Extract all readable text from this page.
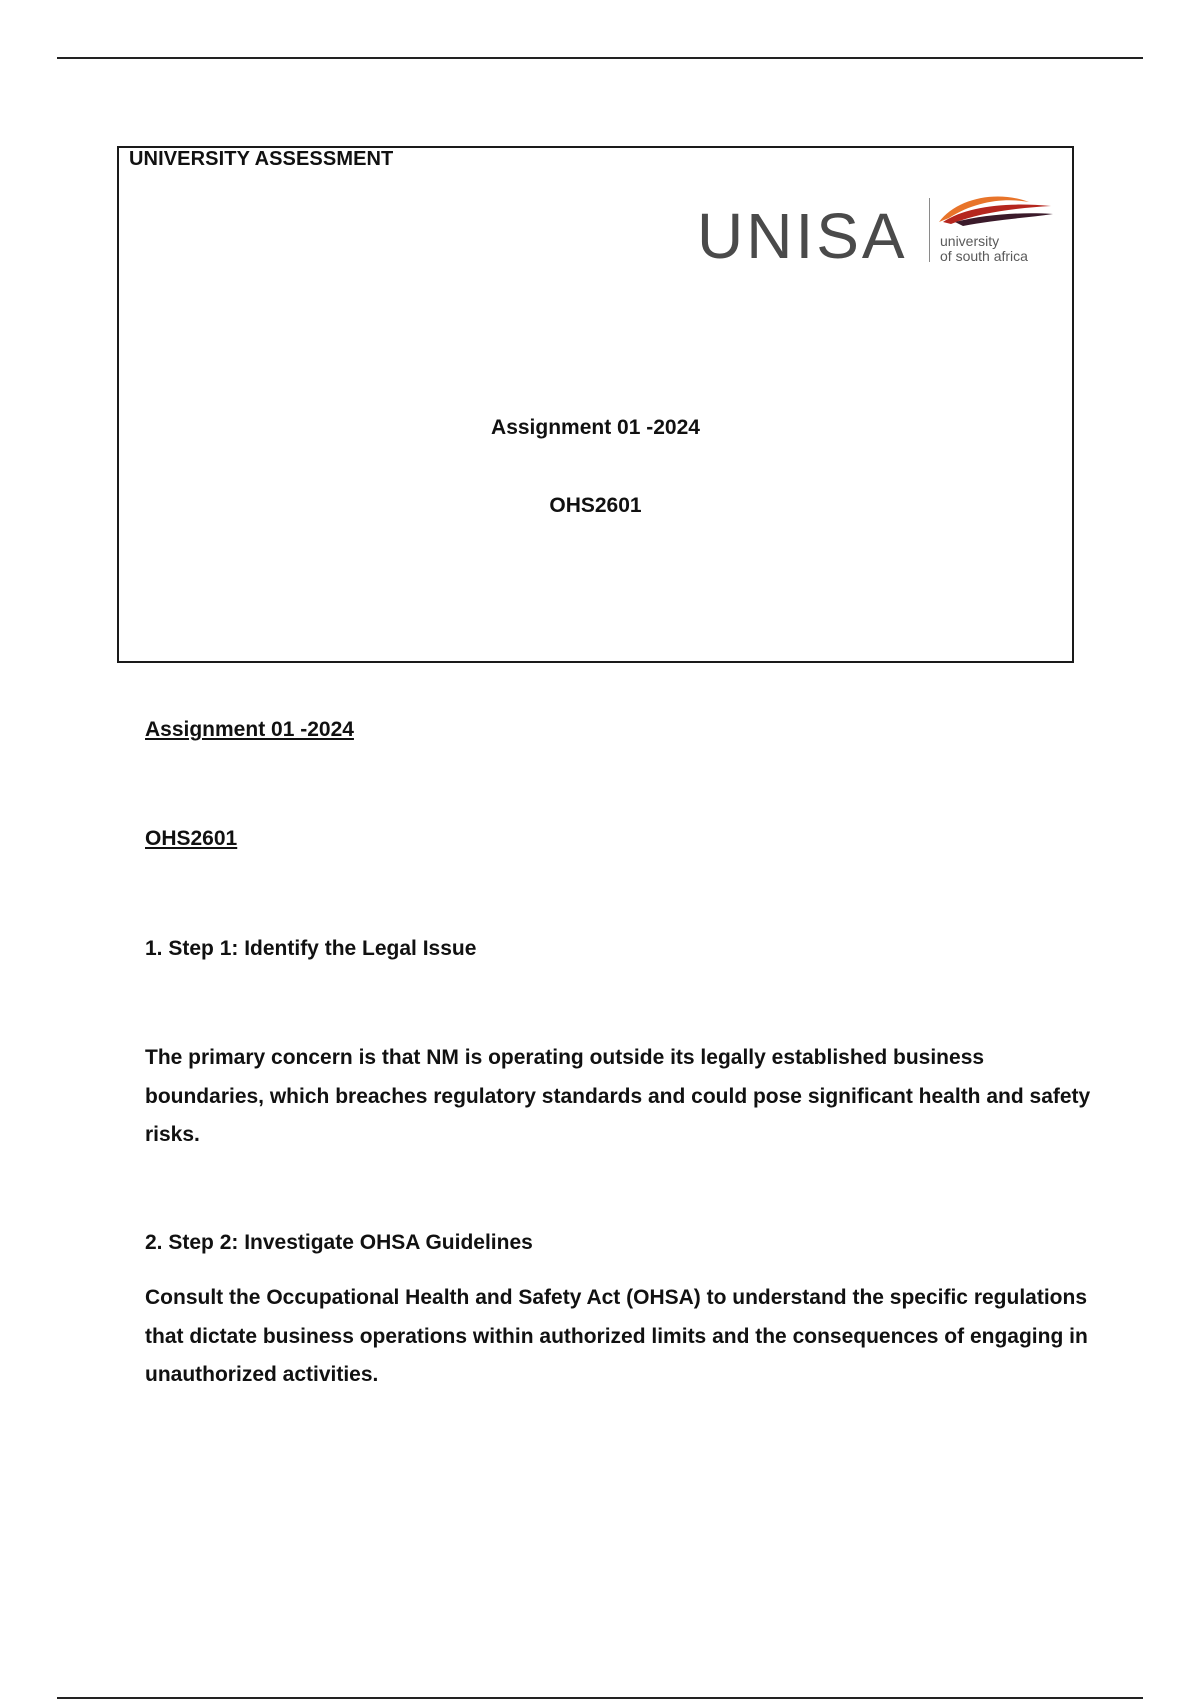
UNIVERSITY ASSESSMENT
UNISA university
of south africa
Assignment 01 -2024
OHS2601
Assignment 01 -2024
OHS2601
1. Step 1: Identify the Legal Issue
The primary concern is that NM is operating outside its legally established business boundaries, which breaches regulatory standards and could pose significant health and safety risks.
2. Step 2: Investigate OHSA Guidelines
Consult the Occupational Health and Safety Act (OHSA) to understand the specific regulations that dictate business operations within authorized limits and the consequences of engaging in unauthorized activities.
